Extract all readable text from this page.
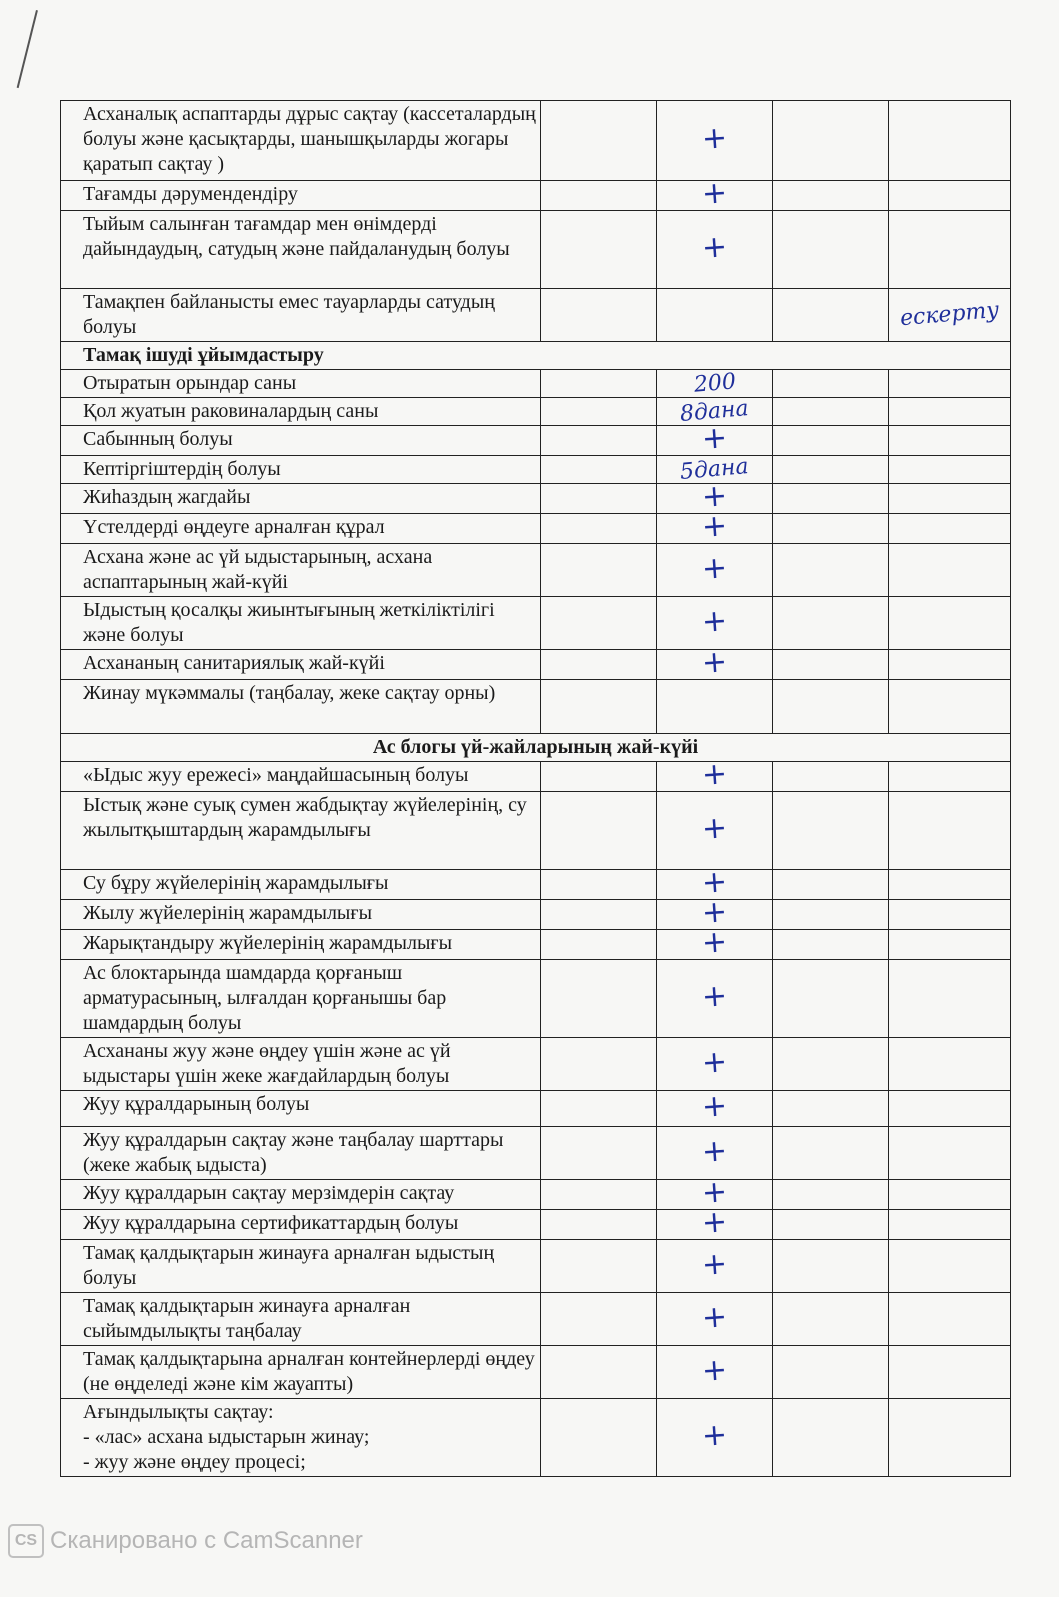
Асханалық аспаптарды дұрыс сақтау (кассеталардың болуы және қасықтарды, шанышқыларды жогары қаратып сақтау )		+		
Тағамды дәрумендендіру		+		
Тыйым салынған тағамдар мен өнімдерді дайындаудың, сатудың және пайдаланудың болуы		+		
Тамақпен байланысты емес тауарларды сатудың болуы				ескерту
Тамақ ішуді ұйымдастыру				
Отыратын орындар саны		200		
Қол жуатын раковиналардың саны		8дана		
Сабынның болуы		+		
Кептіргіштердің болуы		5дана		
Жиһаздың жагдайы		+		
Үстелдерді өңдеуге арналған құрал		+		
Асхана және ас үй ыдыстарының, асхана аспаптарының жай-күйі		+		
Ыдыстың қосалқы жиынтығының жеткіліктілігі және болуы		+		
Асхананың санитариялық жай-күйі		+		
Жинау мүкәммалы (таңбалау, жеке сақтау орны)				
Ас блогы үй-жайларының жай-күйі				
«Ыдыс жуу ережесі» маңдайшасының болуы		+		
Ыстық және суық сумен жабдықтау жүйелерінің, су жылытқыштардың жарамдылығы		+		
Су бұру жүйелерінің жарамдылығы		+		
Жылу жүйелерінің жарамдылығы		+		
Жарықтандыру жүйелерінің жарамдылығы		+		
Ас блоктарында шамдарда қорғаныш арматурасының, ылғалдан қорғанышы бар шамдардың болуы		+		
Асхананы жуу және өңдеу үшін және ас үй ыдыстары үшін жеке жағдайлардың болуы		+		
Жуу құралдарының болуы		+		
Жуу құралдарын сақтау және таңбалау шарттары (жеке жабық ыдыста)		+		
Жуу құралдарын сақтау мерзімдерін сақтау		+		
Жуу құралдарына сертификаттардың болуы		+		
Тамақ қалдықтарын жинауға арналған ыдыстың болуы		+		
Тамақ қалдықтарын жинауға арналған сыйымдылықты таңбалау		+		
Тамақ қалдықтарына арналған контейнерлерді өңдеу (не өңделеді және кім жауапты)		+		
Ағындылықты сақтау:
- «лас» асхана ыдыстарын жинау;
- жуу және өңдеу процесі;		+		
CS Сканировано с CamScanner
